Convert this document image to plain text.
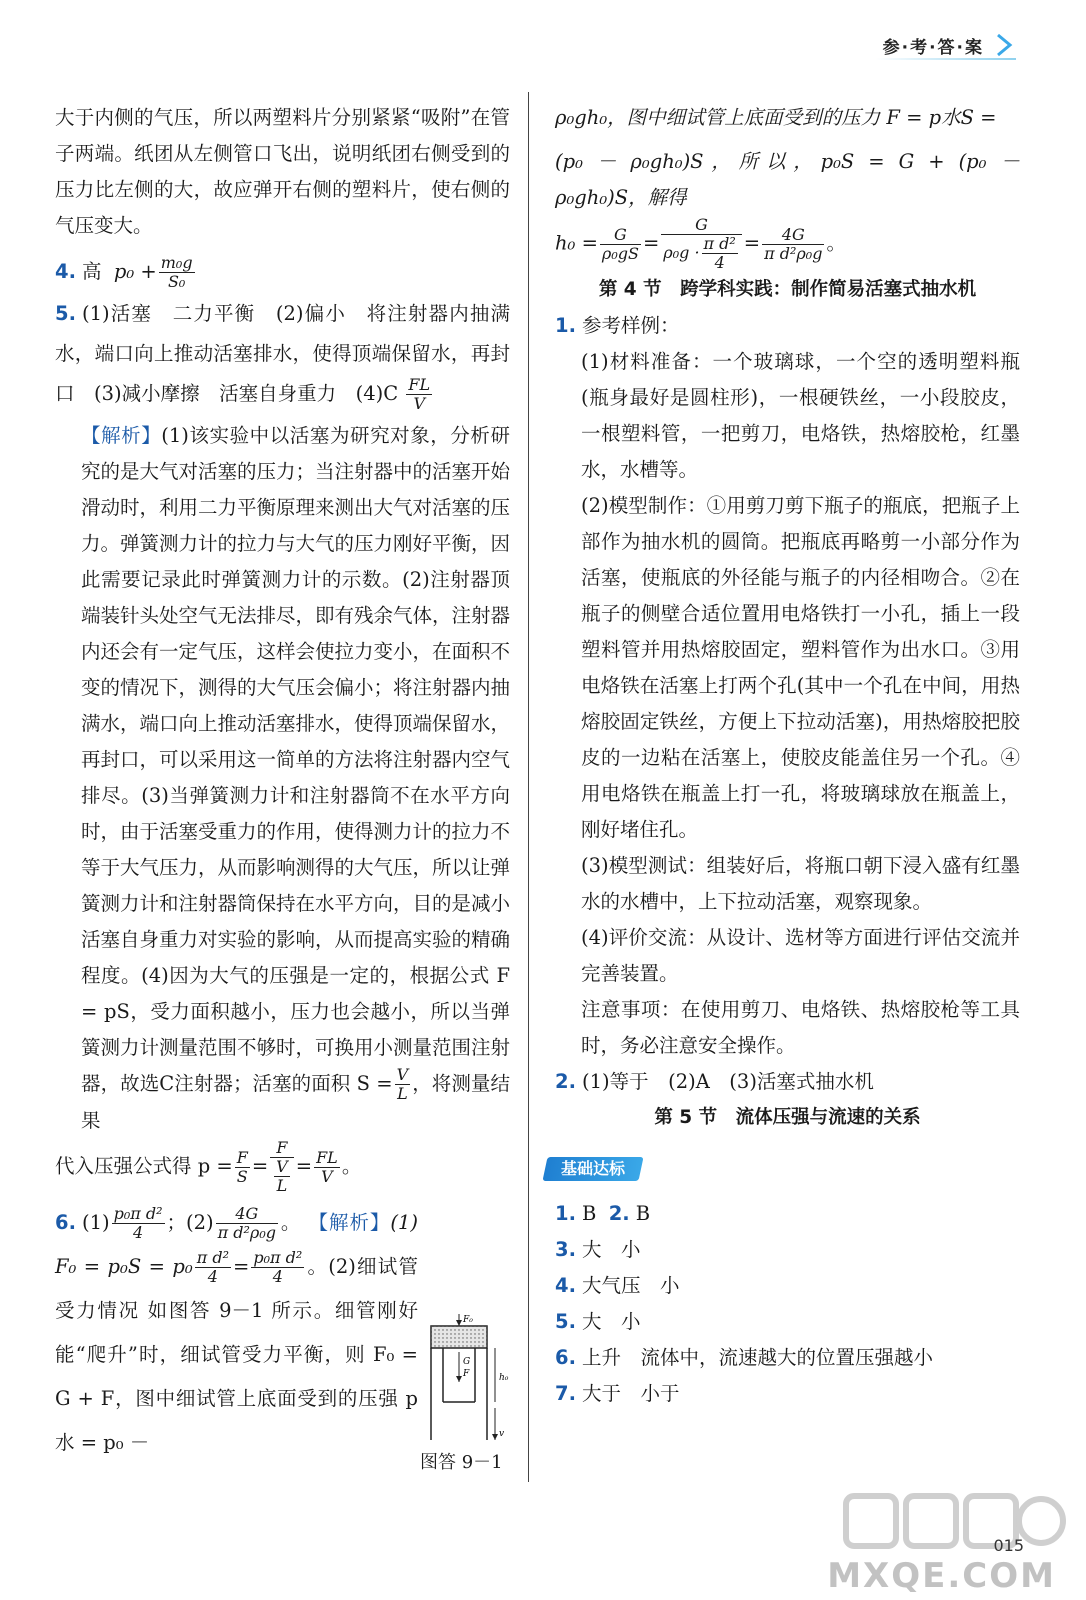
参·考·答·案

大于内侧的气压，所以两塑料片分别紧紧“吸附”在管子两端。纸团从左侧管口飞出，说明纸团右侧受到的压力比左侧的大，故应弹开右侧的塑料片，使右侧的气压变大。

4. 高 $p_0 + \frac{\text{m₀g}}{\text{S₀}}$

5. (1)活塞　二力平衡　(2)偏小　将注射器内抽满水，端口向上推动活塞排水，使得顶端保留水，再封口　(3)减小摩擦　活塞自身重力　$(4)C \frac{FL}{V}$

【解析】(1)该实验中以活塞为研究对象，分析研究的是大气对活塞的压力；当注射器中的活塞开始滑动时，利用二力平衡原理来测出大气对活塞的压力。弹簧测力计的拉力与大气的压力刚好平衡，因此需要记录此时弹簧测力计的示数。(2)注射器顶端装针头处空气无法排尽，即有残余气体，注射器内还会有一定气压，这样会使拉力变小，在面积不变的情况下，测得的大气压会偏小；将注射器内抽满水，端口向上推动活塞排水，使得顶端保留水，再封口，可以采用这一简单的方法将注射器内空气排尽。(3)当弹簧测力计和注射器筒不在水平方向时，由于活塞受重力的作用，使得测力计的拉力不等于大气压力，从而影响测得的大气压，所以让弹簧测力计和注射器筒保持在水平方向，目的是减小活塞自身重力对实验的影响，从而提高实验的精确程度。(4)因为大气的压强是一定的，根据公式 F = pS，受力面积越小，压力也会越小，所以当弹簧测力计测量范围不够时，可换用小测量范围注射器，故选C注射器；活塞的面积 $S = \frac{V}{L}$ ，将测量结果

代入压强公式得 $p = \frac{F}{S} = \frac{F}{\frac{V}{L}} = \frac{FL}{V}$ 。

6. $(1) \frac{\text{p₀π d²}}{4}$ ；$(2) \frac{4G}{\text{π d²ρ₀g}}$ 。 【解析】(1) $F_0 = p_0S = p_0 \frac{\text{π d²}}{4} = \frac{\text{p₀π d²}}{4}$ 。(2)细试管受力情况 如图答 9－1 所示。细管刚好能“爬升”时，细试管受力平衡，则 F₀ = G + F，图中细试管上底面受到的压强 p水 = p₀ －

F₀
G
F	h₀
v
图答 9－1

ρ₀gh₀，图中细试管上底面受到的压力 F = p水S =

(p₀ － ρ₀gh₀)S，所以，p₀S = G + (p₀ － ρ₀gh₀)S，解得

$h_0 = \frac{G}{\text{ρ₀gS}} = \frac{G}{\rho_0g \cdot \frac{\text{π d²}}{4}} = \frac{4G}{\text{π d²ρ₀g}}$ 。

第 4 节　跨学科实践：制作简易活塞式抽水机

1. 参考样例：

(1)材料准备：一个玻璃球，一个空的透明塑料瓶(瓶身最好是圆柱形)，一根硬铁丝，一小段胶皮，一根塑料管，一把剪刀，电烙铁，热熔胶枪，红墨水，水槽等。

(2)模型制作：①用剪刀剪下瓶子的瓶底，把瓶子上部作为抽水机的圆筒。把瓶底再略剪一小部分作为活塞，使瓶底的外径能与瓶子的内径相吻合。②在瓶子的侧壁合适位置用电烙铁打一小孔，插上一段塑料管并用热熔胶固定，塑料管作为出水口。③用电烙铁在活塞上打两个孔(其中一个孔在中间，用热熔胶固定铁丝，方便上下拉动活塞)，用热熔胶把胶皮的一边粘在活塞上，使胶皮能盖住另一个孔。④用电烙铁在瓶盖上打一孔，将玻璃球放在瓶盖上，刚好堵住孔。

(3)模型测试：组装好后，将瓶口朝下浸入盛有红墨水的水槽中，上下拉动活塞，观察现象。

(4)评价交流：从设计、选材等方面进行评估交流并完善装置。

注意事项：在使用剪刀、电烙铁、热熔胶枪等工具时，务必注意安全操作。

2. (1)等于　(2)A　(3)活塞式抽水机

第 5 节　流体压强与流速的关系

基础达标

1. B 2. B

3. 大　小

4. 大气压　小

5. 大　小

6. 上升　流体中，流速越大的位置压强越小

7. 大于　小于

015
MXQE.COM
